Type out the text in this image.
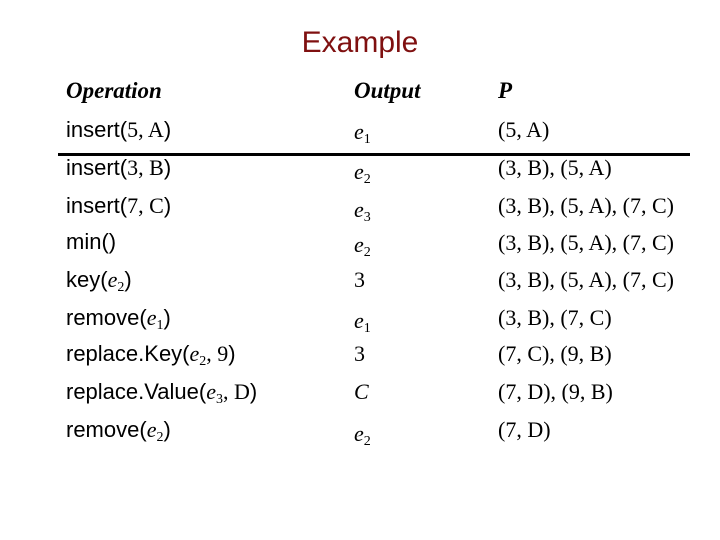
Example
Operation	Output	P
insert(5, A)	$e_1$	(5, A)
insert(3, B)	$e_2$	(3, B), (5, A)
insert(7, C)	$e_3$	(3, B), (5, A), (7, C)
min()	$e_2$	(3, B), (5, A), (7, C)
$key(e_2)$	3	(3, B), (5, A), (7, C)
$remove(e_1)$	$e_1$	(3, B), (7, C)
$replace.Key(e_2$, 9)	3	(7, C), (9, B)
$replace.Value(e_3$, D)	C	(7, D), (9, B)
$remove(e_2)$	$e_2$	(7, D)
